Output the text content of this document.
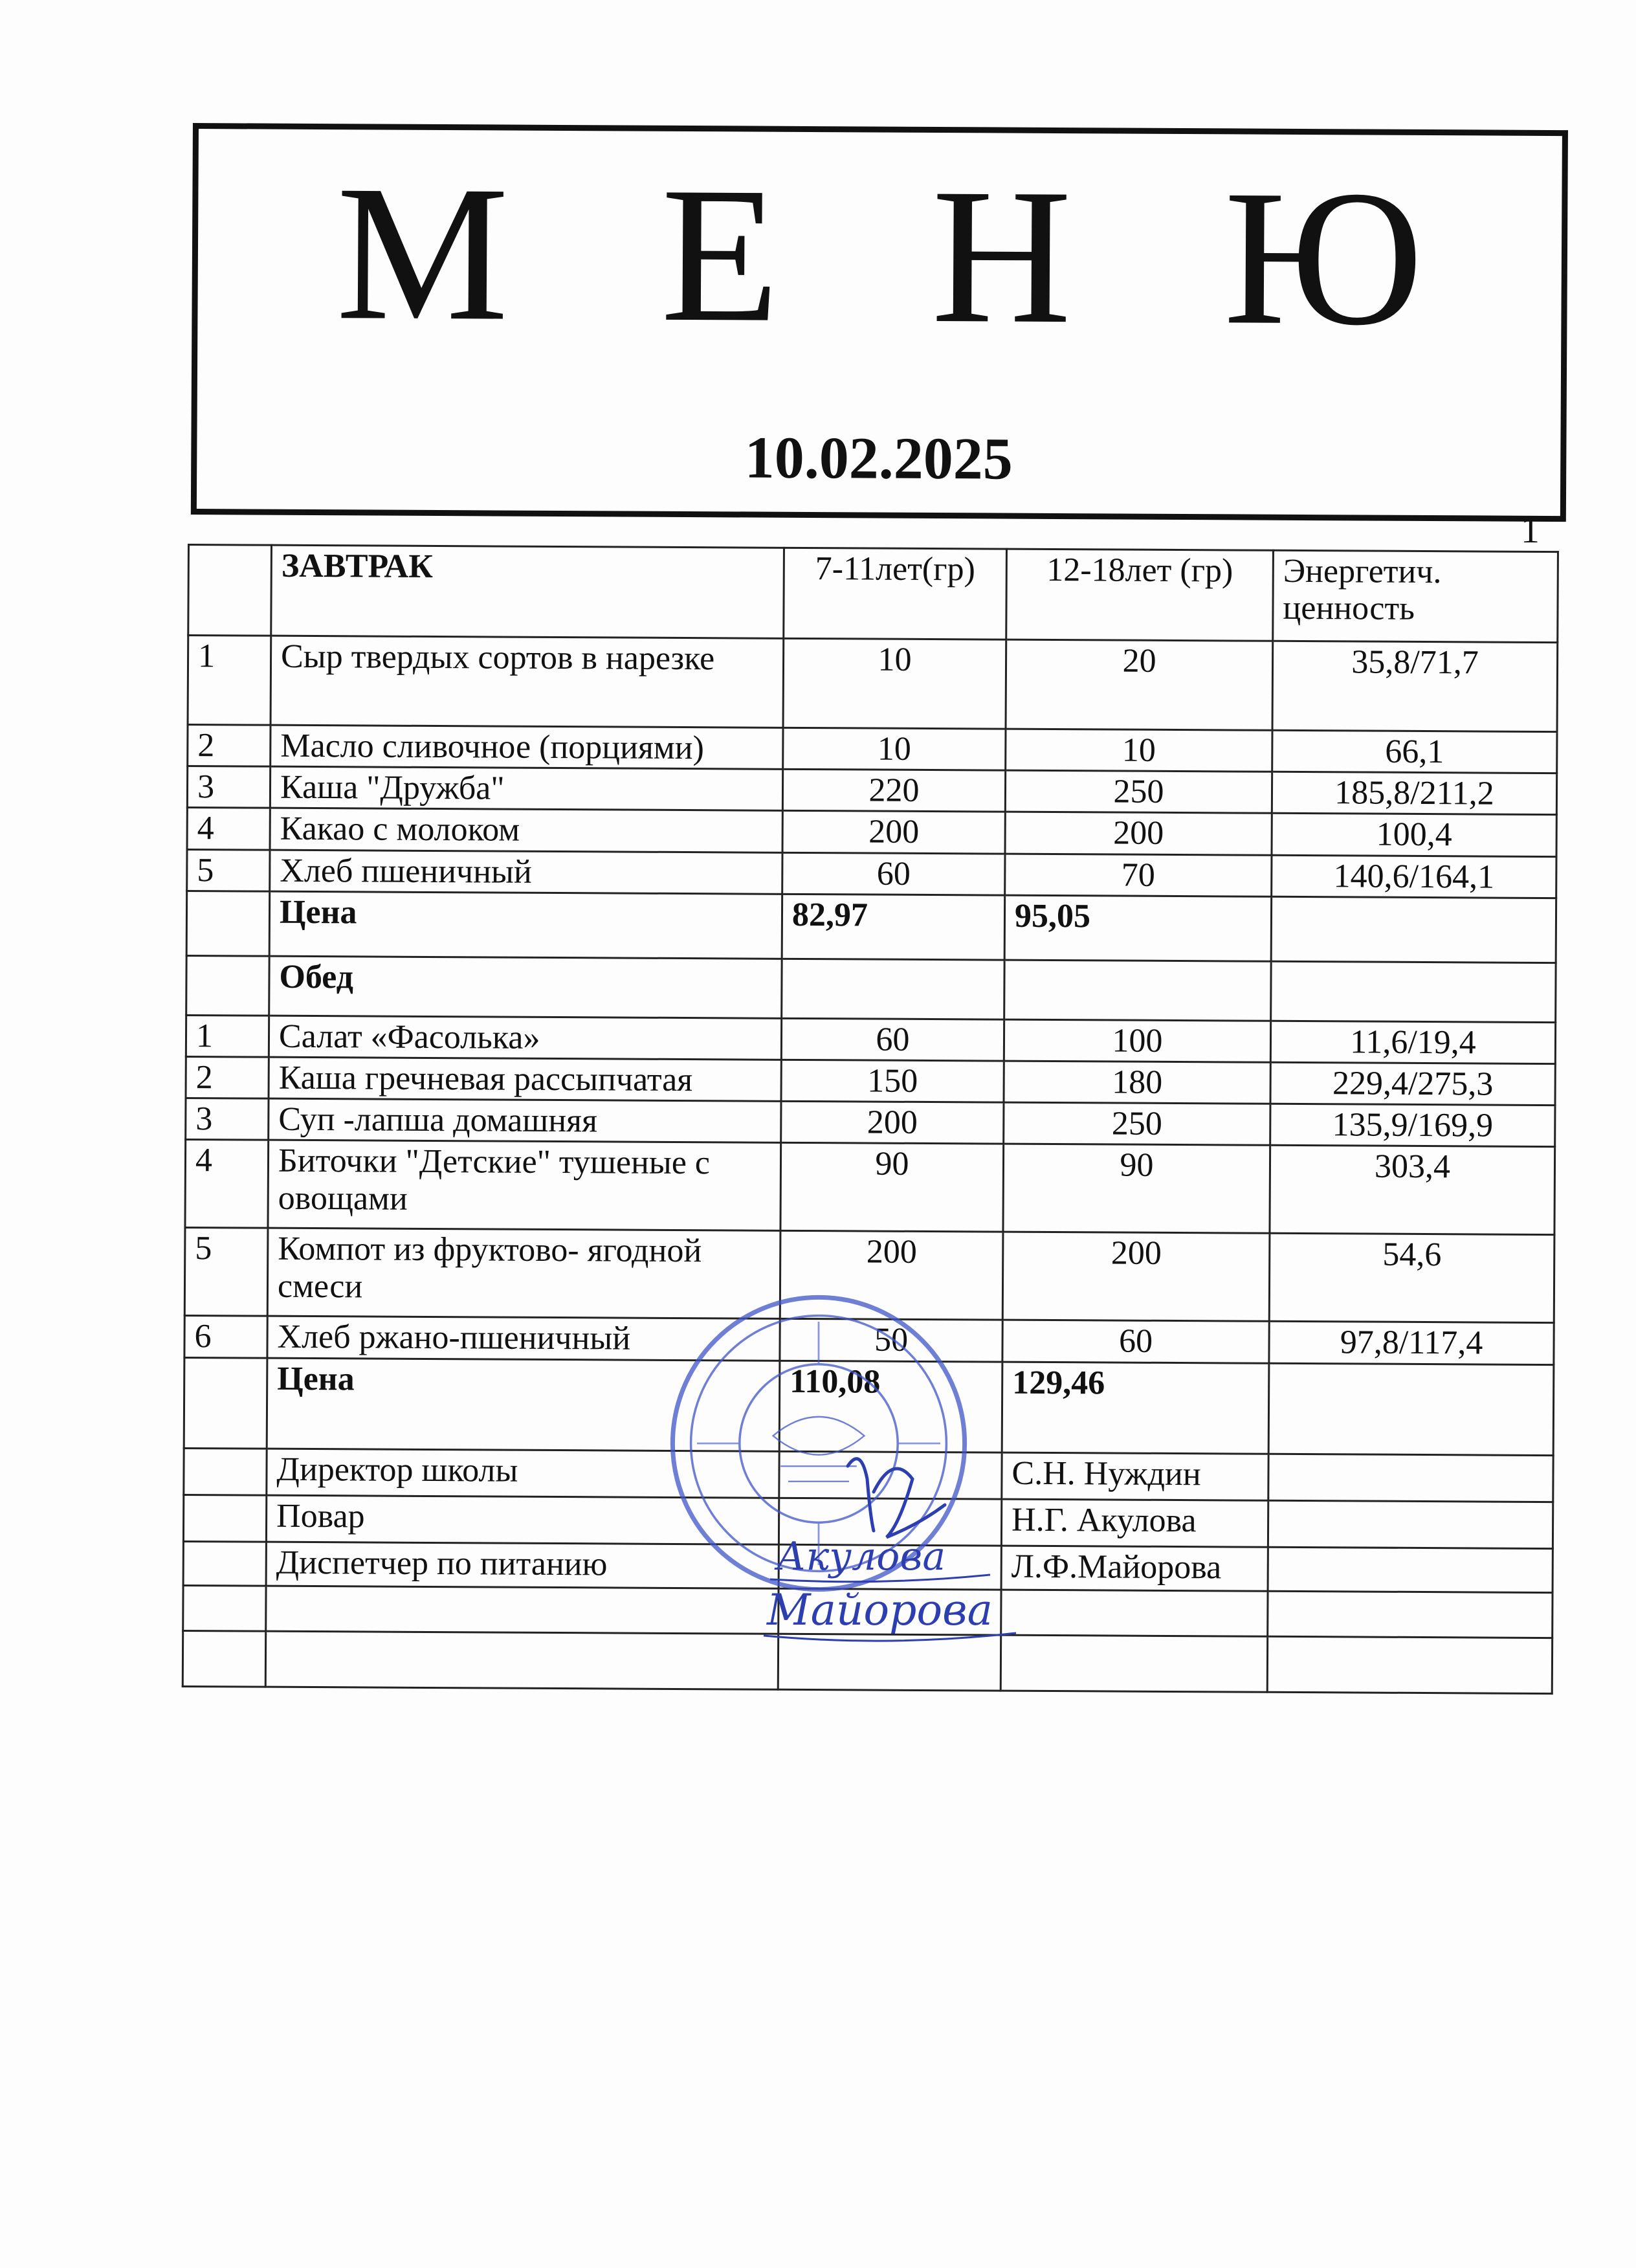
М Е Н Ю
10.02.2025
1
	ЗАВТРАК	7-11лет(гр)	12-18лет (гр)	Энергетич. ценность
1	Сыр твердых сортов в нарезке	10	20	35,8/71,7
2	Масло сливочное (порциями)	10	10	66,1
3	Каша "Дружба"	220	250	185,8/211,2
4	Какао с молоком	200	200	100,4
5	Хлеб пшеничный	60	70	140,6/164,1
	Цена	82,97	95,05	
	Обед			
1	Салат «Фасолька»	60	100	11,6/19,4
2	Каша гречневая рассыпчатая	150	180	229,4/275,3
3	Суп -лапша домашняя	200	250	135,9/169,9
4	Биточки "Детские" тушеные с овощами	90	90	303,4
5	Компот из фруктово- ягодной смеси	200	200	54,6
6	Хлеб ржано-пшеничный	50	60	97,8/117,4
	Цена	110,08	129,46	
	Директор школы		С.Н. Нуждин	
	Повар		Н.Г. Акулова	
	Диспетчер по питанию		Л.Ф.Майорова	

Акулова
Майорова
